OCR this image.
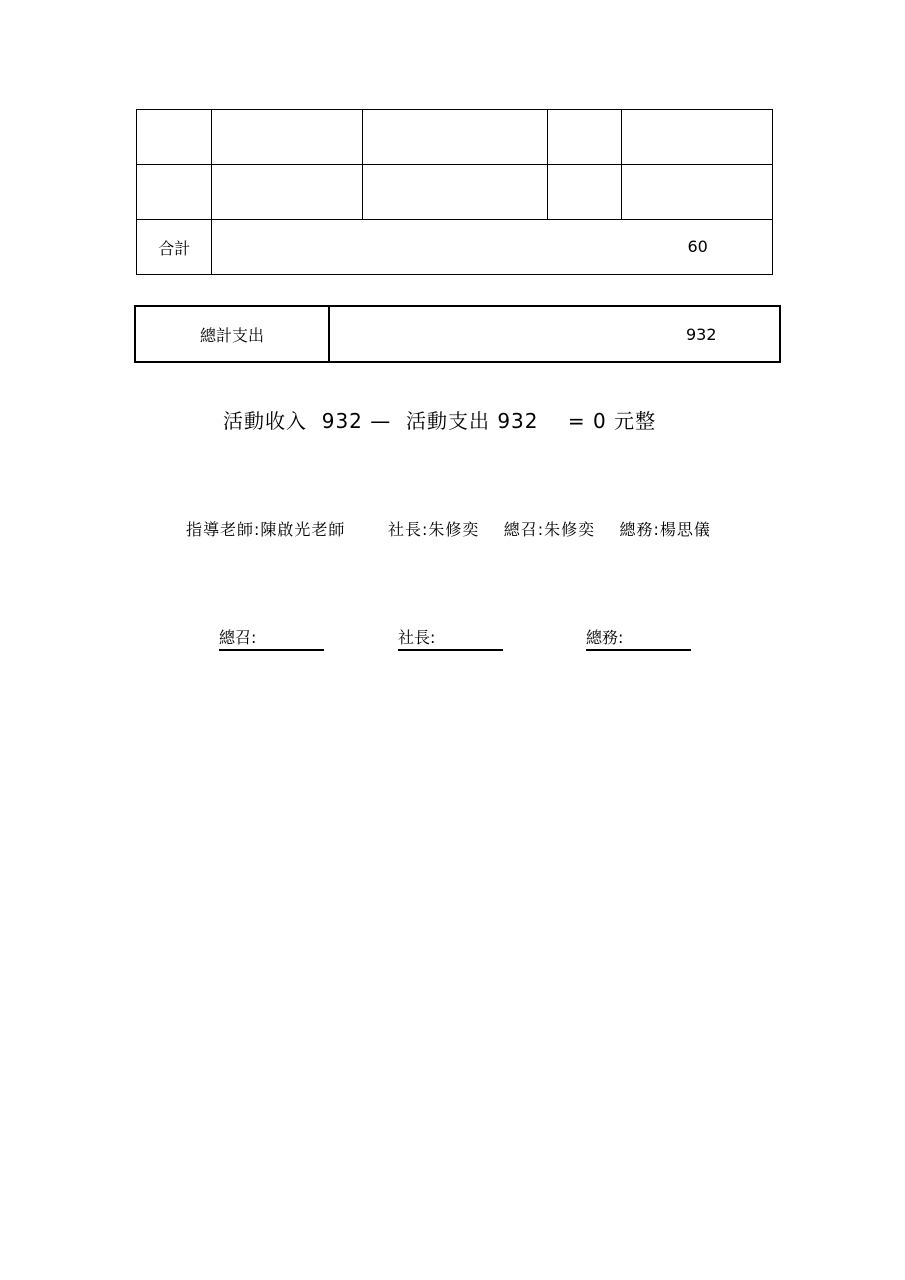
合計	60			
總計支出	932
活動收入  932 —  活動支出 932    = 0 元整
指導老師:陳啟光老師       社長:朱修奕    總召:朱修奕    總務:楊思儀
總召:	社長:	總務:
